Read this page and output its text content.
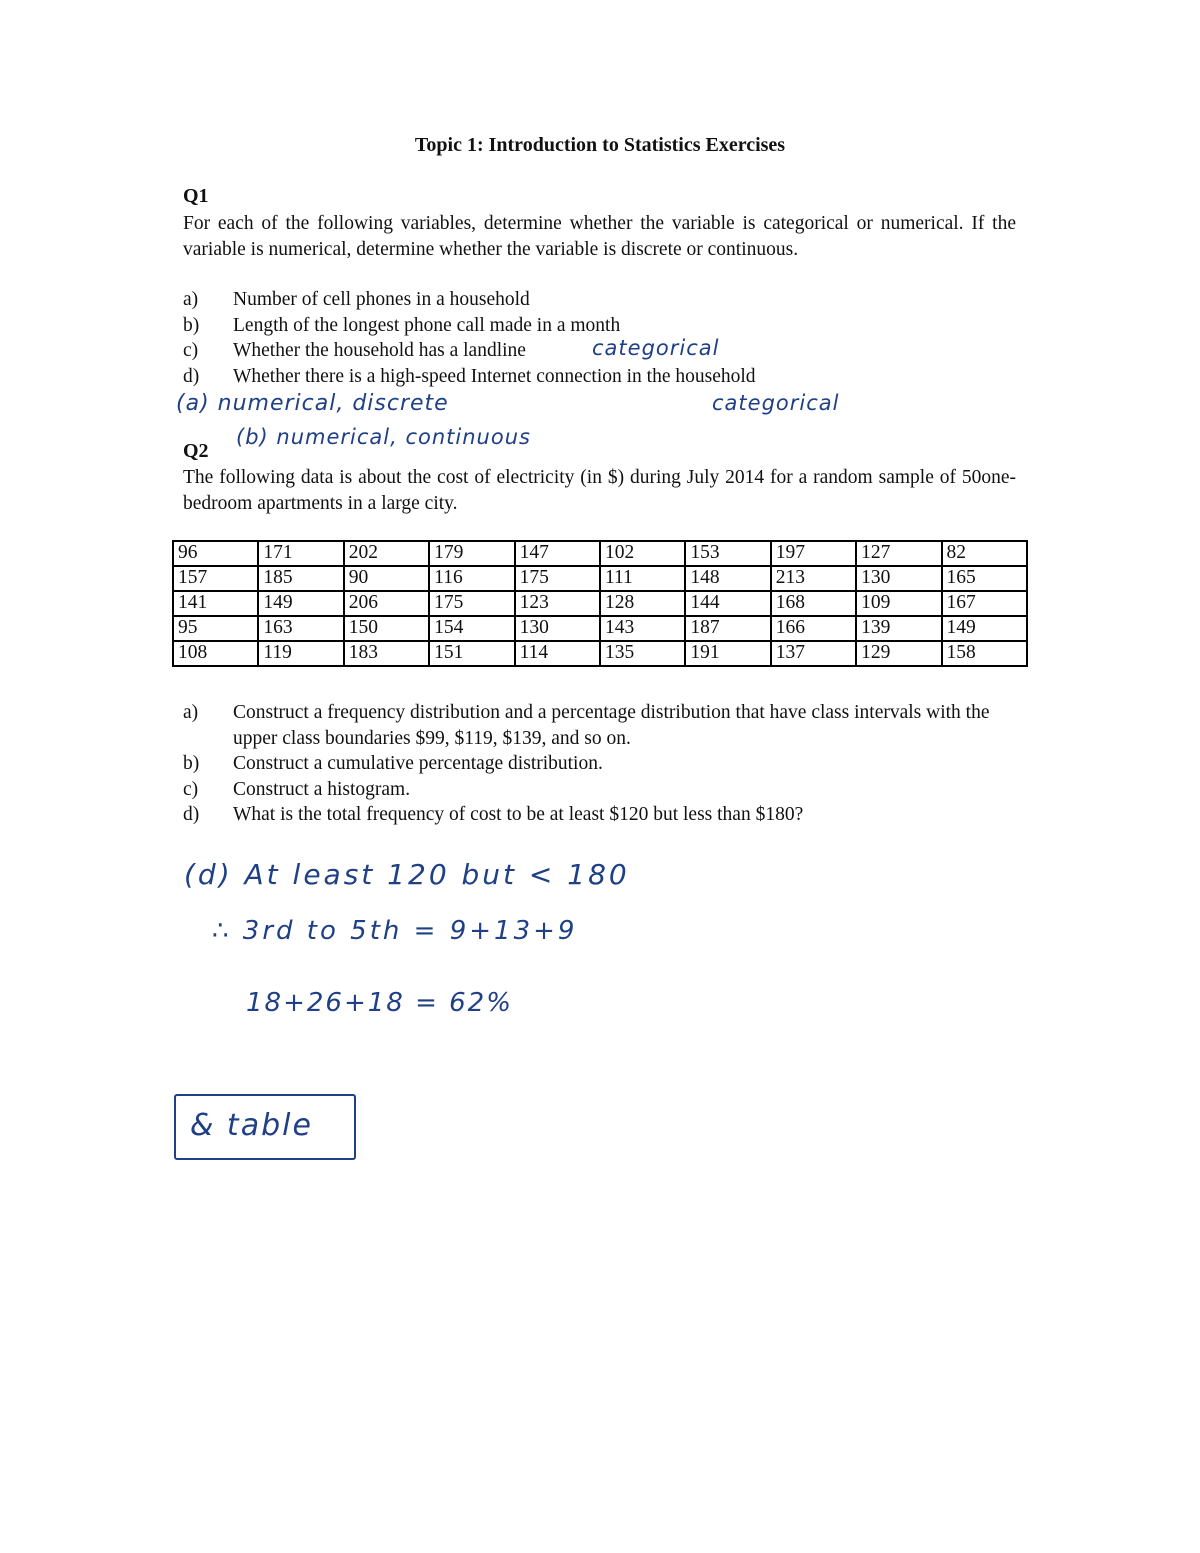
Topic 1: Introduction to Statistics Exercises
Q1
For each of the following variables, determine whether the variable is categorical or numerical. If the variable is numerical, determine whether the variable is discrete or continuous.
a)	Number of cell phones in a household
b)	Length of the longest phone call made in a month
c)	Whether the household has a landline
d)	Whether there is a high-speed Internet connection in the household
categorical
(a) numerical, discrete	categorical
(b) numerical, continuous
Q2
The following data is about the cost of electricity (in $) during July 2014 for a random sample of 50one-bedroom apartments in a large city.
96	171	202	179	147	102	153	197	127	82
157	185	90	116	175	111	148	213	130	165
141	149	206	175	123	128	144	168	109	167
95	163	150	154	130	143	187	166	139	149
108	119	183	151	114	135	191	137	129	158
a)	Construct a frequency distribution and a percentage distribution that have class intervals with the upper class boundaries $99, $119, $139, and so on.
b)	Construct a cumulative percentage distribution.
c)	Construct a histogram.
d)	What is the total frequency of cost to be at least $120 but less than $180?
(d) At least 120 but < 180
∴ 3rd to 5th = 9+13+9
18+26+18 = 62%
& table
